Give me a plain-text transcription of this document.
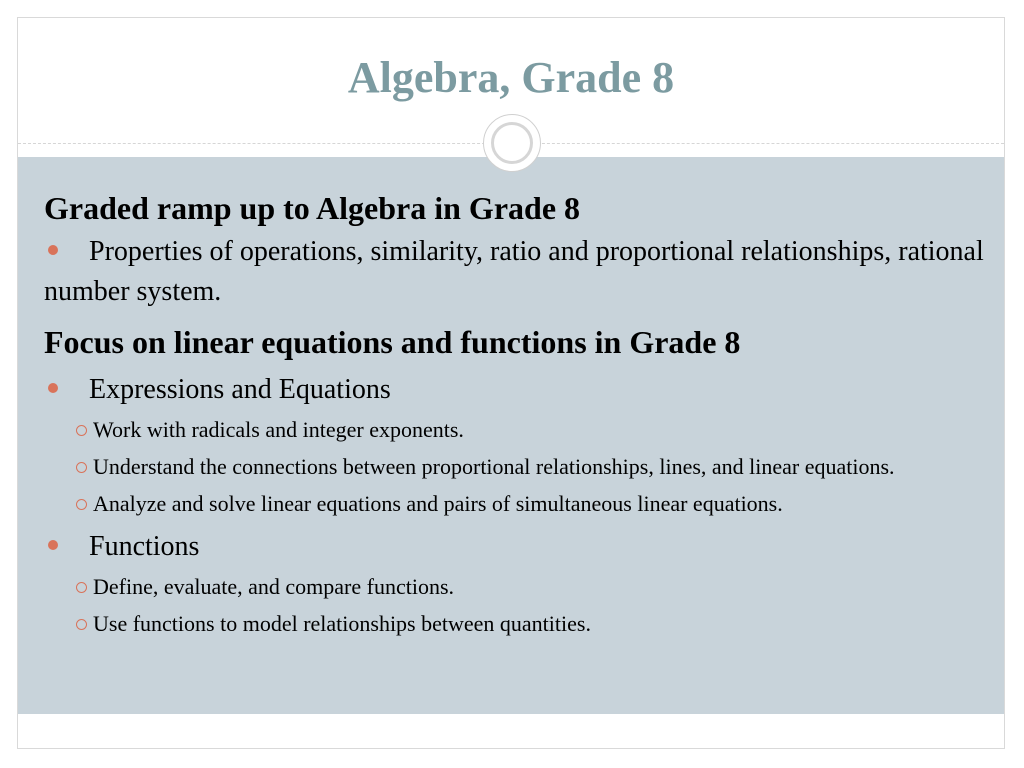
Algebra, Grade 8

Graded ramp up to Algebra in Grade 8

Properties of operations, similarity, ratio and proportional relationships, rational number system.

Focus on linear equations and functions in Grade 8

Expressions and Equations

Work with radicals and integer exponents.

Understand the connections between proportional relationships, lines, and linear equations.

Analyze and solve linear equations and pairs of simultaneous linear equations.

Functions

Define, evaluate, and compare functions.

Use functions to model relationships between quantities.
